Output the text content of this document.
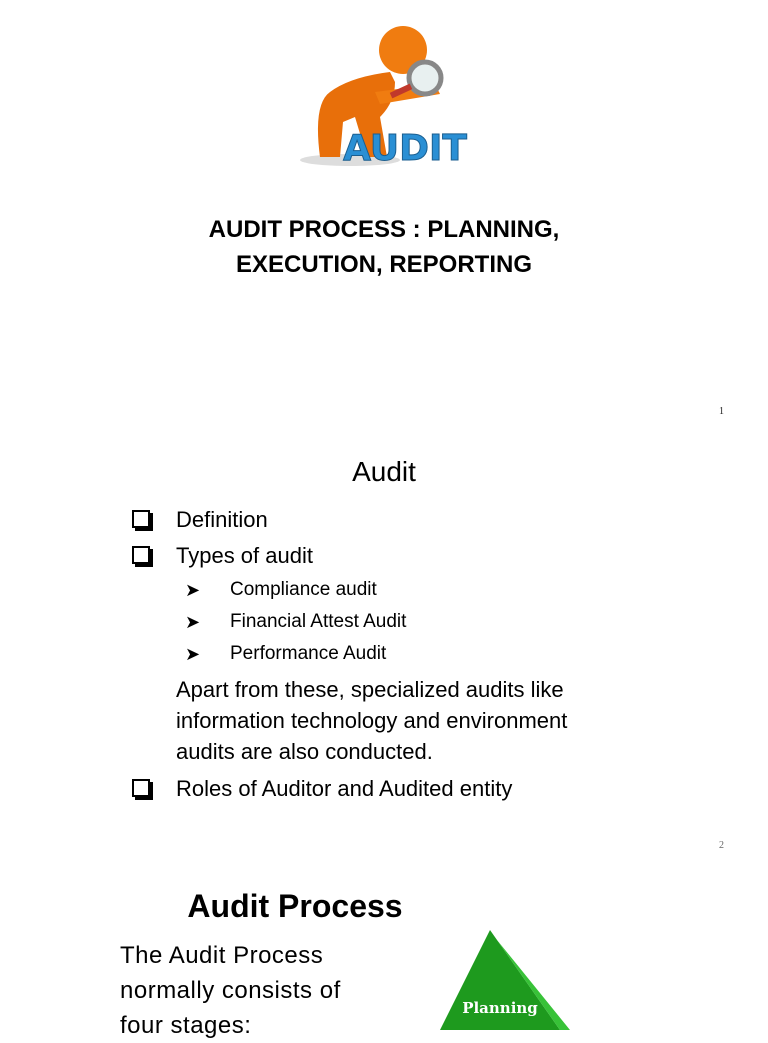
AUDIT
AUDIT PROCESS : PLANNING,
EXECUTION, REPORTING
1
Audit
Definition
Types of audit
➤ Compliance audit
➤ Financial Attest Audit
➤ Performance Audit
Apart from these, specialized audits like information technology and environment audits are also conducted.
Roles of Auditor and Audited entity
2
Audit Process
The Audit Process normally consists of four stages:
Planning
